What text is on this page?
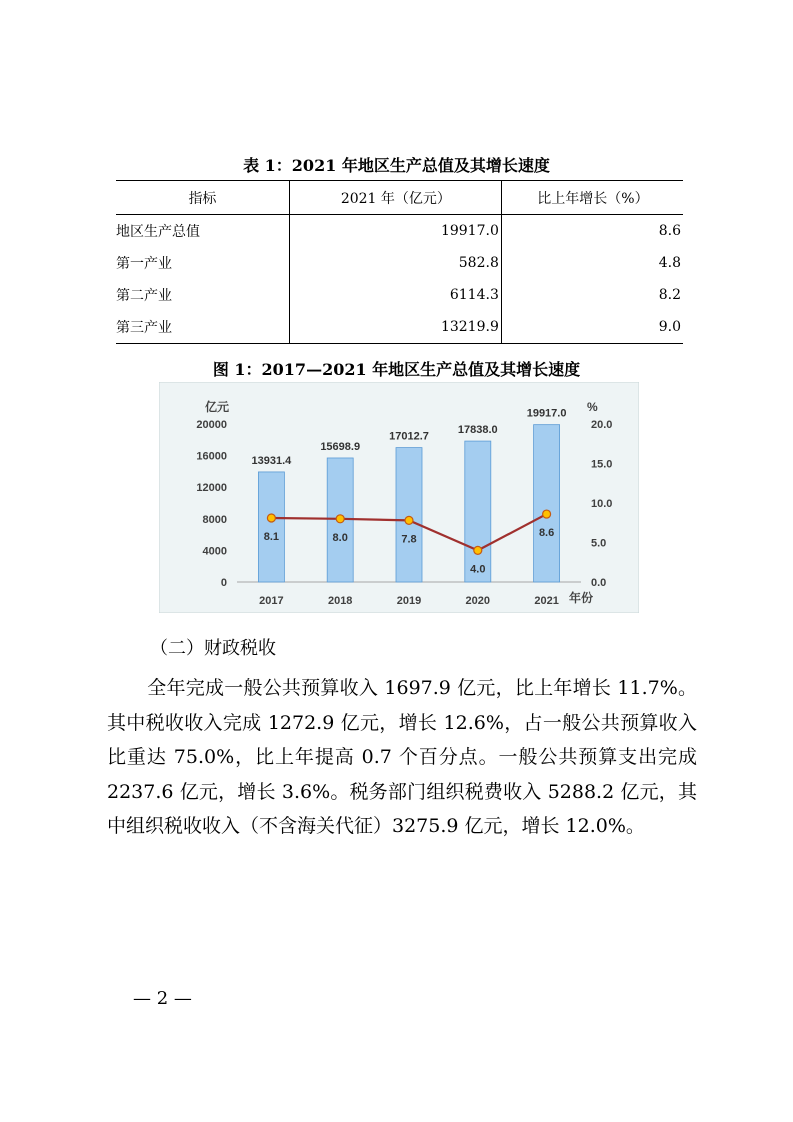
表 1：2021 年地区生产总值及其增长速度
指标	2021 年（亿元）	比上年增长（%）
地区生产总值	19917.0	8.6
第一产业	582.8	4.8
第二产业	6114.3	8.2
第三产业	13219.9	9.0
图 1：2017—2021 年地区生产总值及其增长速度
0
4000
8000
12000
16000
20000
0.0
5.0
10.0
15.0
20.0
亿元	%
年份
2017	2018	2019	2020	2021
13931.4
15698.9
17012.7
17838.0
19917.0
8.1	8.0	7.8
4.0
8.6
（二）财政税收
全年完成一般公共预算收入 1697.9 亿元，比上年增长 11.7%。其中税收收入完成 1272.9 亿元，增长 12.6%，占一般公共预算收入比重达 75.0%，比上年提高 0.7 个百分点。一般公共预算支出完成 2237.6 亿元，增长 3.6%。税务部门组织税费收入 5288.2 亿元，其中组织税收收入（不含海关代征）3275.9 亿元，增长 12.0%。
— 2 —
